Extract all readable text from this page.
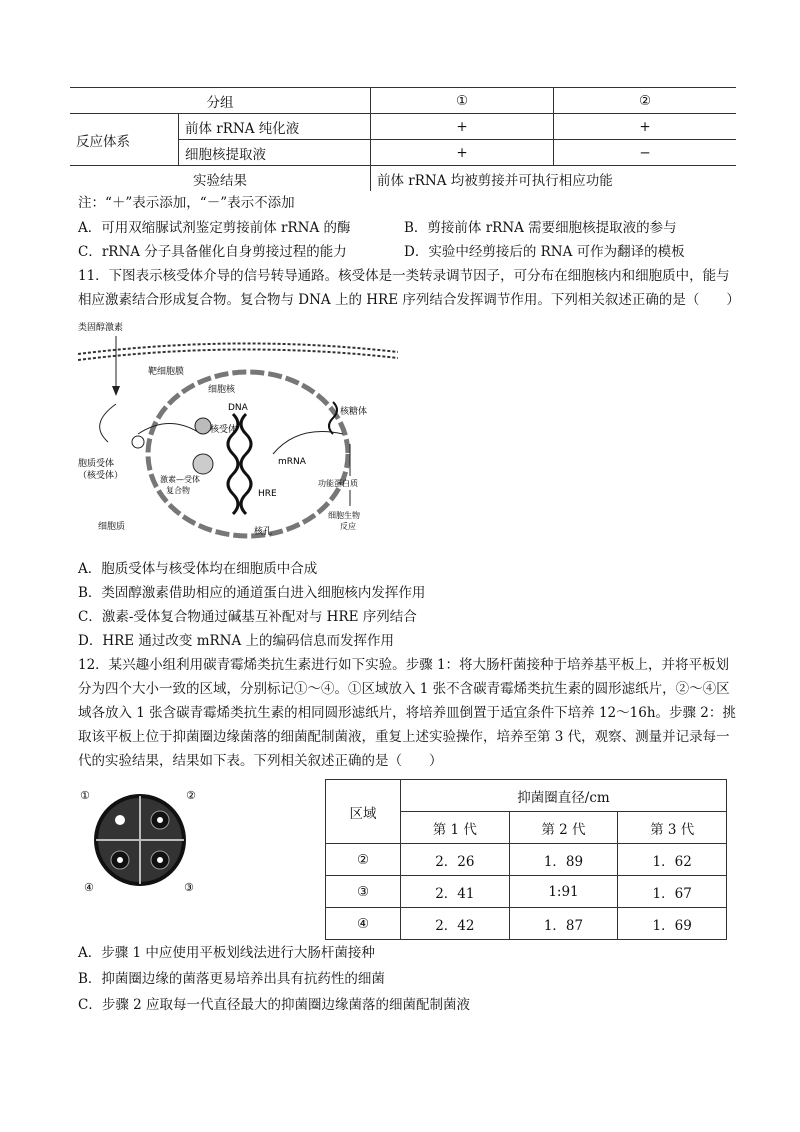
分组		①	②
反应体系	前体 rRNA 纯化液	+	+
	细胞核提取液	+	−
实验结果		前体 rRNA 均被剪接并可执行相应功能	
注：“＋”表示添加，“－”表示不添加
A．可用双缩脲试剂鉴定剪接前体 rRNA 的酶	B．剪接前体 rRNA 需要细胞核提取液的参与
C．rRNA 分子具备催化自身剪接过程的能力	D．实验中经剪接后的 RNA 可作为翻译的模板
11．下图表示核受体介导的信号转导通路。核受体是一类转录调节因子，可分布在细胞核内和细胞质中，能与
相应激素结合形成复合物。复合物与 DNA 上的 HRE 序列结合发挥调节作用。下列相关叙述正确的是（　　）
类固醇激素
靶细胞膜
细胞核
DNA
核受体
胞质受体
（核受体）	激素—受体
复合物
mRNA
HRE
核糖体
功能蛋白质
细胞生物
反应
细胞质	核孔
A．胞质受体与核受体均在细胞质中合成
B．类固醇激素借助相应的通道蛋白进入细胞核内发挥作用
C．激素-受体复合物通过碱基互补配对与 HRE 序列结合
D．HRE 通过改变 mRNA 上的编码信息而发挥作用
12．某兴趣小组利用碳青霉烯类抗生素进行如下实验。步骤 1：将大肠杆菌接种于培养基平板上，并将平板划
分为四个大小一致的区域，分别标记①～④。①区域放入 1 张不含碳青霉烯类抗生素的圆形滤纸片，②～④区
域各放入 1 张含碳青霉烯类抗生素的相同圆形滤纸片，将培养皿倒置于适宜条件下培养 12～16h。步骤 2：挑
取该平板上位于抑菌圈边缘菌落的细菌配制菌液，重复上述实验操作，培养至第 3 代，观察、测量并记录每一
代的实验结果，结果如下表。下列相关叙述正确的是（　　）
①	②
④	③
区域	抑菌圈直径/cm		
	第 1 代	第 2 代	第 3 代
②	2．26	1．89	1．62
③	2．41	1:91	1．67
④	2．42	1．87	1．69
A．步骤 1 中应使用平板划线法进行大肠杆菌接种
B．抑菌圈边缘的菌落更易培养出具有抗药性的细菌
C．步骤 2 应取每一代直径最大的抑菌圈边缘菌落的细菌配制菌液
